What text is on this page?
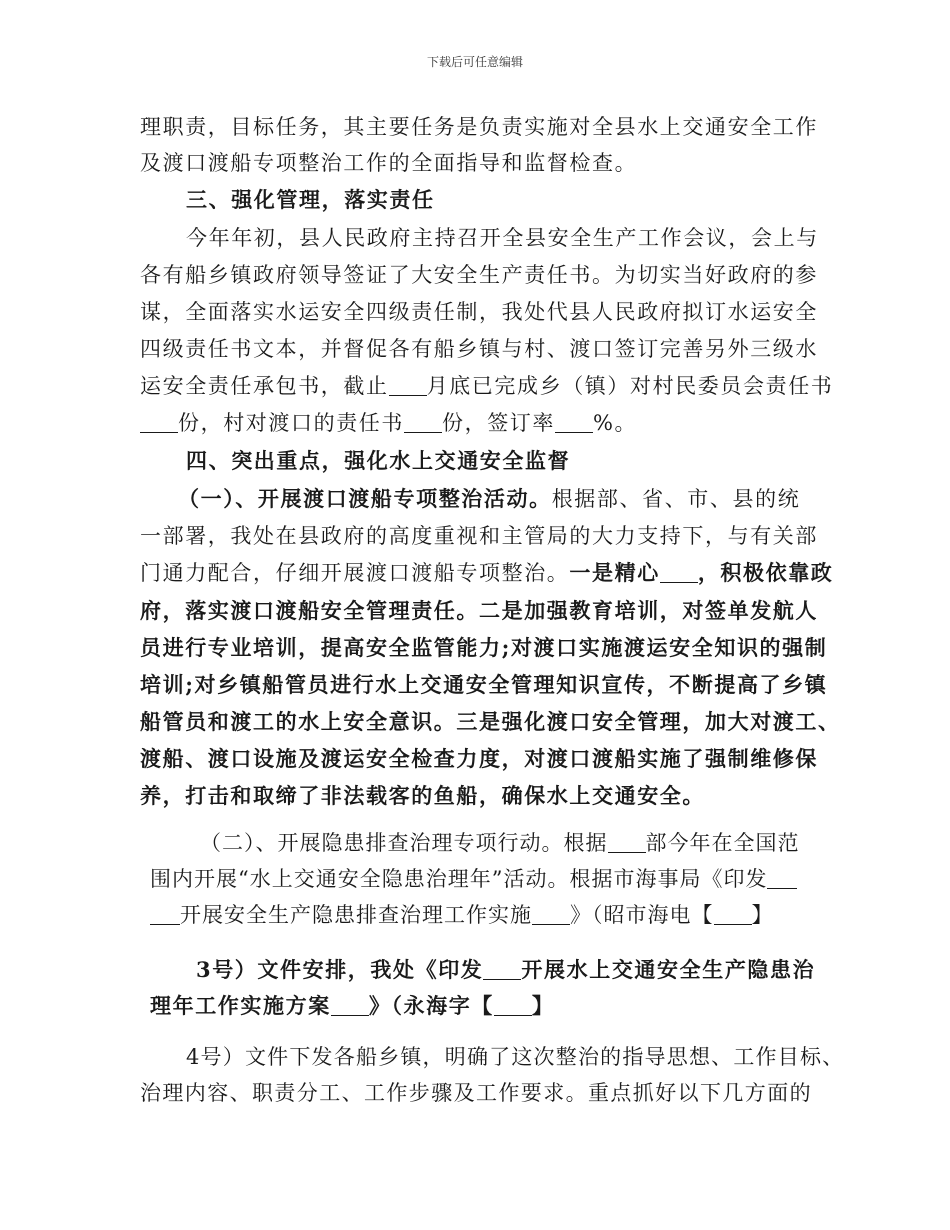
下载后可任意编辑
理职责，目标任务，其主要任务是负责实施对全县水上交通安全工作
及渡口渡船专项整治工作的全面指导和监督检查。
三、强化管理，落实责任
今年年初，县人民政府主持召开全县安全生产工作会议，会上与
各有船乡镇政府领导签证了大安全生产责任书。为切实当好政府的参
谋，全面落实水运安全四级责任制，我处代县人民政府拟订水运安全
四级责任书文本，并督促各有船乡镇与村、渡口签订完善另外三级水
运安全责任承包书，截止 月底已完成乡（镇）对村民委员会责任书
份，村对渡口的责任书 份，签订率 %。
四、突出重点，强化水上交通安全监督
（一）、开展渡口渡船专项整治活动。根据部、省、市、县的统
一部署，我处在县政府的高度重视和主管局的大力支持下，与有关部
门通力配合，仔细开展渡口渡船专项整治。一是精心 ，积极依靠政
府，落实渡口渡船安全管理责任。二是加强教育培训，对签单发航人
员进行专业培训，提高安全监管能力;对渡口实施渡运安全知识的强制
培训;对乡镇船管员进行水上交通安全管理知识宣传，不断提高了乡镇
船管员和渡工的水上安全意识。三是强化渡口安全管理，加大对渡工、
渡船、渡口设施及渡运安全检查力度，对渡口渡船实施了强制维修保
养，打击和取缔了非法载客的鱼船，确保水上交通安全。
（二）、开展隐患排查治理专项行动。根据 部今年在全国范
围内开展“水上交通安全隐患治理年”活动。根据市海事局《印发
开展安全生产隐患排查治理工作实施 》（昭市海电【 】
3号）文件安排，我处《印发 开展水上交通安全生产隐患治
理年工作实施方案 》（永海字【 】
4号）文件下发各船乡镇，明确了这次整治的指导思想、工作目标、
治理内容、职责分工、工作步骤及工作要求。重点抓好以下几方面的
